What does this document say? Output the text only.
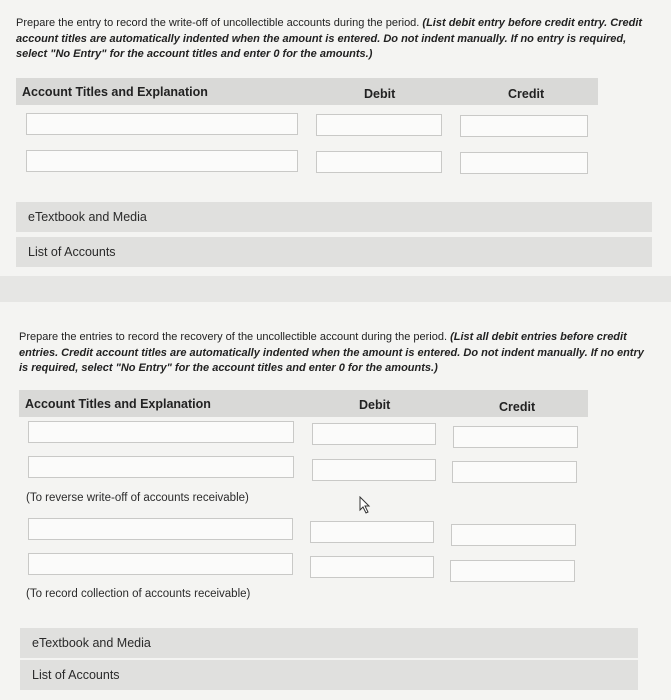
Prepare the entry to record the write-off of uncollectible accounts during the period. (List debit entry before credit entry. Credit account titles are automatically indented when the amount is entered. Do not indent manually. If no entry is required, select "No Entry" for the account titles and enter 0 for the amounts.)
Account Titles and Explanation	Debit	Credit
eTextbook and Media
List of Accounts
Prepare the entries to record the recovery of the uncollectible account during the period. (List all debit entries before credit entries. Credit account titles are automatically indented when the amount is entered. Do not indent manually. If no entry is required, select "No Entry" for the account titles and enter 0 for the amounts.)
Account Titles and Explanation	Debit	Credit
(To reverse write-off of accounts receivable)
(To record collection of accounts receivable)
eTextbook and Media
List of Accounts
